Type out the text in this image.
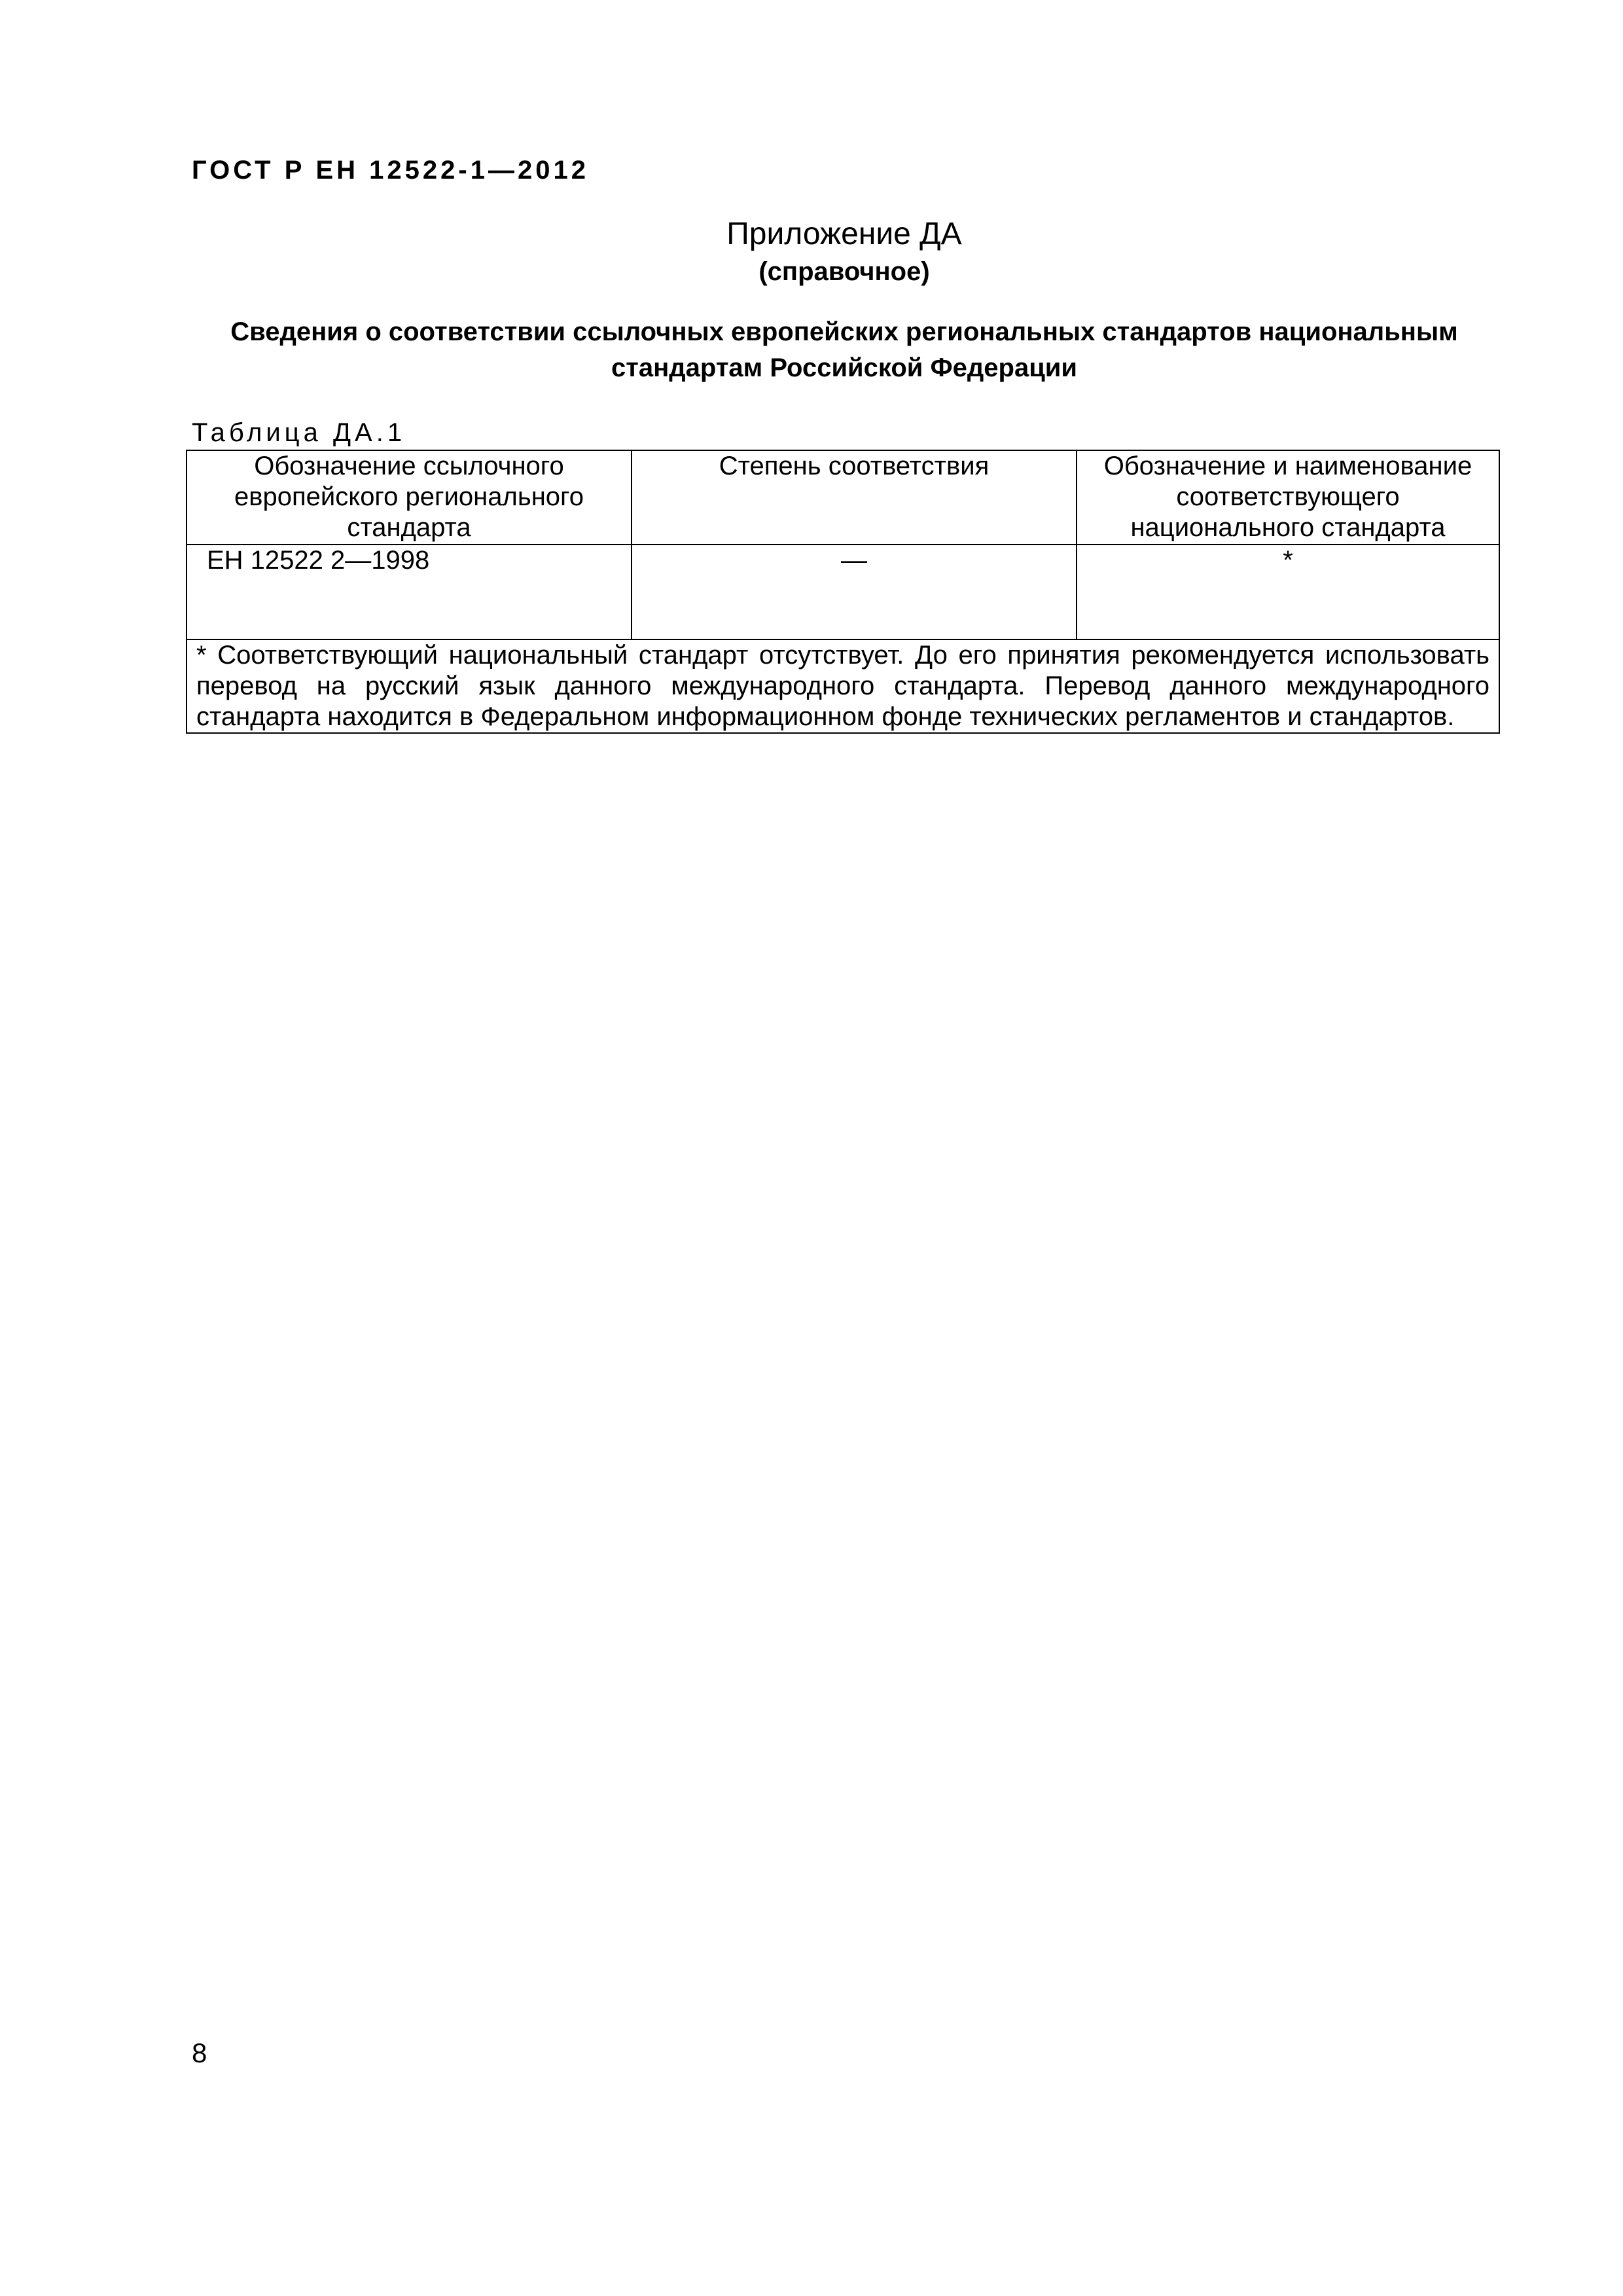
ГОСТ Р ЕН 12522-1—2012
Приложение ДА
(справочное)
Сведения о соответствии ссылочных европейских региональных стандартов национальным стандартам Российской Федерации
Таблица ДА.1
Обозначение ссылочного европейского регионального стандарта	Степень соответствия	Обозначение и наименование соответствующего национального стандарта
ЕН 12522 2—1998	—	*
* Соответствующий национальный стандарт отсутствует. До его принятия рекомендуется использовать перевод на русский язык данного международного стандарта. Перевод данного международного стандарта находится в Федеральном информационном фонде технических регламентов и стандартов.		
8
